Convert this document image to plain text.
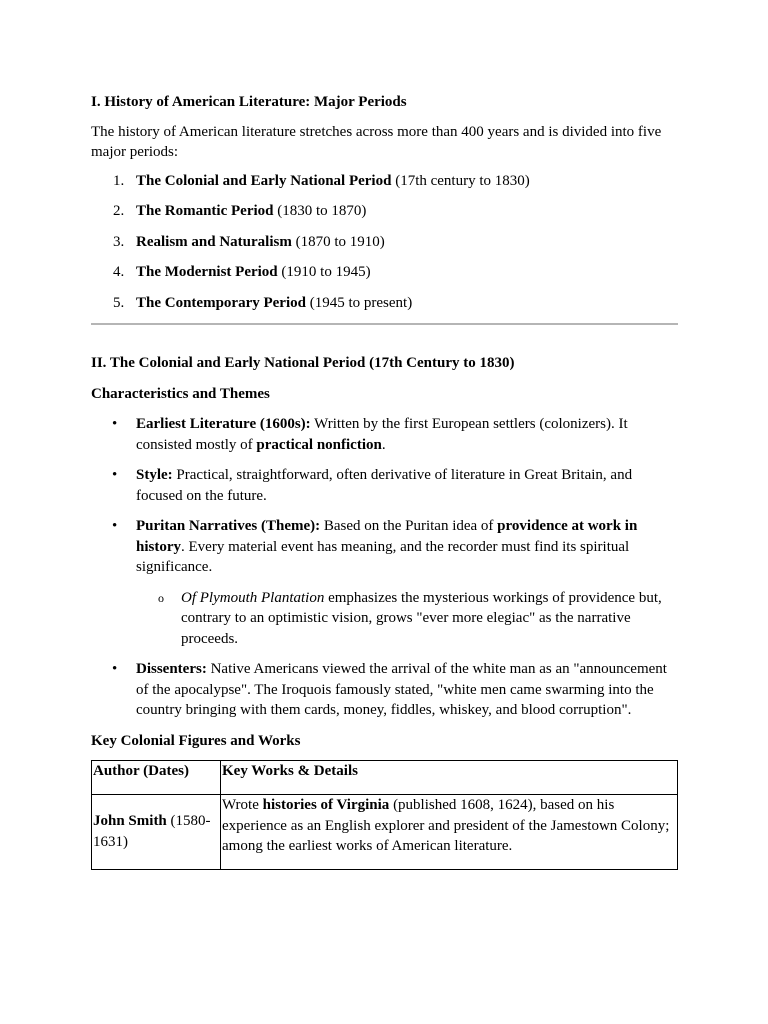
I. History of American Literature: Major Periods

The history of American literature stretches across more than 400 years and is divided into five major periods:

1. The Colonial and Early National Period (17th century to 1830)
2. The Romantic Period (1830 to 1870)
3. Realism and Naturalism (1870 to 1910)
4. The Modernist Period (1910 to 1945)
5. The Contemporary Period (1945 to present)

II. The Colonial and Early National Period (17th Century to 1830)

Characteristics and Themes

• Earliest Literature (1600s): Written by the first European settlers (colonizers). It consisted mostly of practical nonfiction.
• Style: Practical, straightforward, often derivative of literature in Great Britain, and focused on the future.
• Puritan Narratives (Theme): Based on the Puritan idea of providence at work in history. Every material event has meaning, and the recorder must find its spiritual significance.
o Of Plymouth Plantation emphasizes the mysterious workings of providence but, contrary to an optimistic vision, grows "ever more elegiac" as the narrative proceeds.
• Dissenters: Native Americans viewed the arrival of the white man as an "announcement of the apocalypse". The Iroquois famously stated, "white men came swarming into the country bringing with them cards, money, fiddles, whiskey, and blood corruption".

Key Colonial Figures and Works

Author (Dates)	Key Works & Details
John Smith (1580-1631)	Wrote histories of Virginia (published 1608, 1624), based on his experience as an English explorer and president of the Jamestown Colony; among the earliest works of American literature.
